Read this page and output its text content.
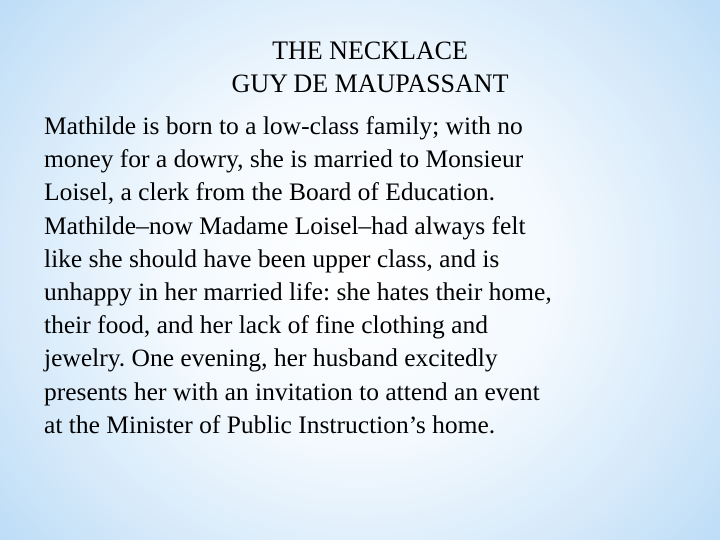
THE NECKLACE
GUY DE MAUPASSANT

Mathilde is born to a low-class family; with no
money for a dowry, she is married to Monsieur
Loisel, a clerk from the Board of Education.
Mathilde–now Madame Loisel–had always felt
like she should have been upper class, and is
unhappy in her married life: she hates their home,
their food, and her lack of fine clothing and
jewelry. One evening, her husband excitedly
presents her with an invitation to attend an event
at the Minister of Public Instruction’s home.
